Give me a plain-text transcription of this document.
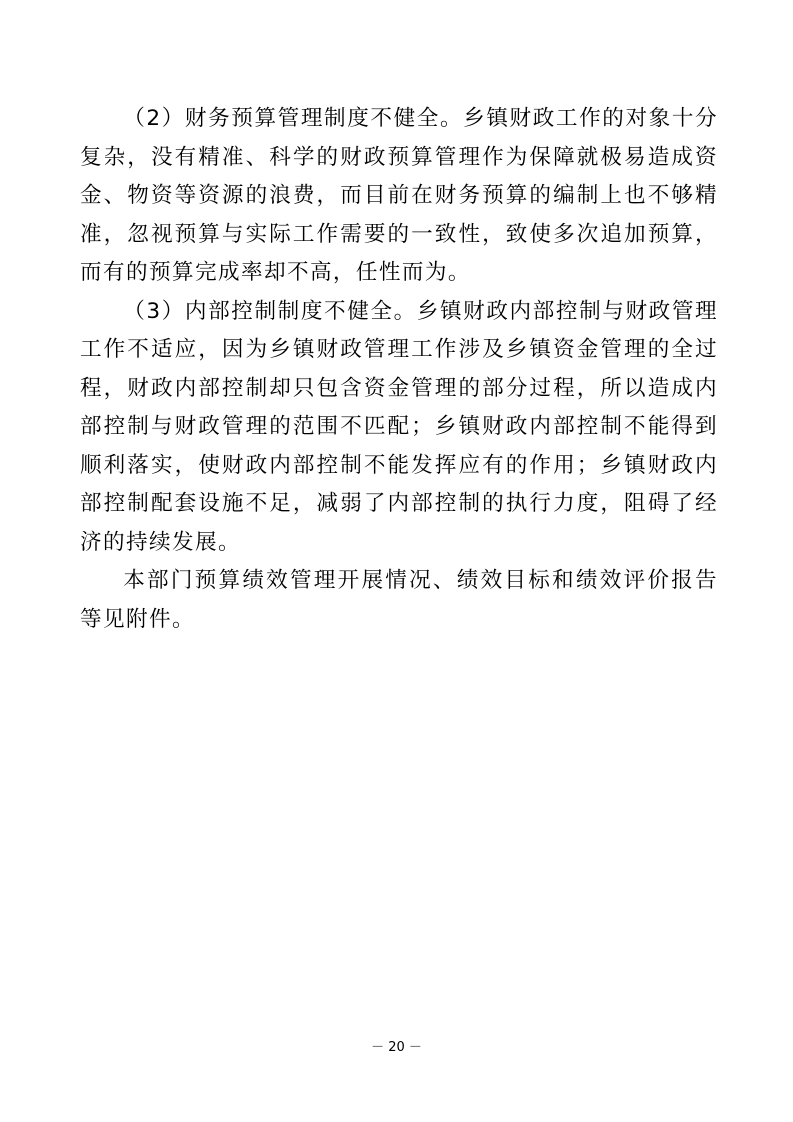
（2）财务预算管理制度不健全。乡镇财政工作的对象十分复杂，没有精准、科学的财政预算管理作为保障就极易造成资金、物资等资源的浪费，而目前在财务预算的编制上也不够精准，忽视预算与实际工作需要的一致性，致使多次追加预算，而有的预算完成率却不高，任性而为。

（3）内部控制制度不健全。乡镇财政内部控制与财政管理工作不适应，因为乡镇财政管理工作涉及乡镇资金管理的全过程，财政内部控制却只包含资金管理的部分过程，所以造成内部控制与财政管理的范围不匹配；乡镇财政内部控制不能得到顺利落实，使财政内部控制不能发挥应有的作用；乡镇财政内部控制配套设施不足，减弱了内部控制的执行力度，阻碍了经济的持续发展。

本部门预算绩效管理开展情况、绩效目标和绩效评价报告等见附件。

－ 20 －
